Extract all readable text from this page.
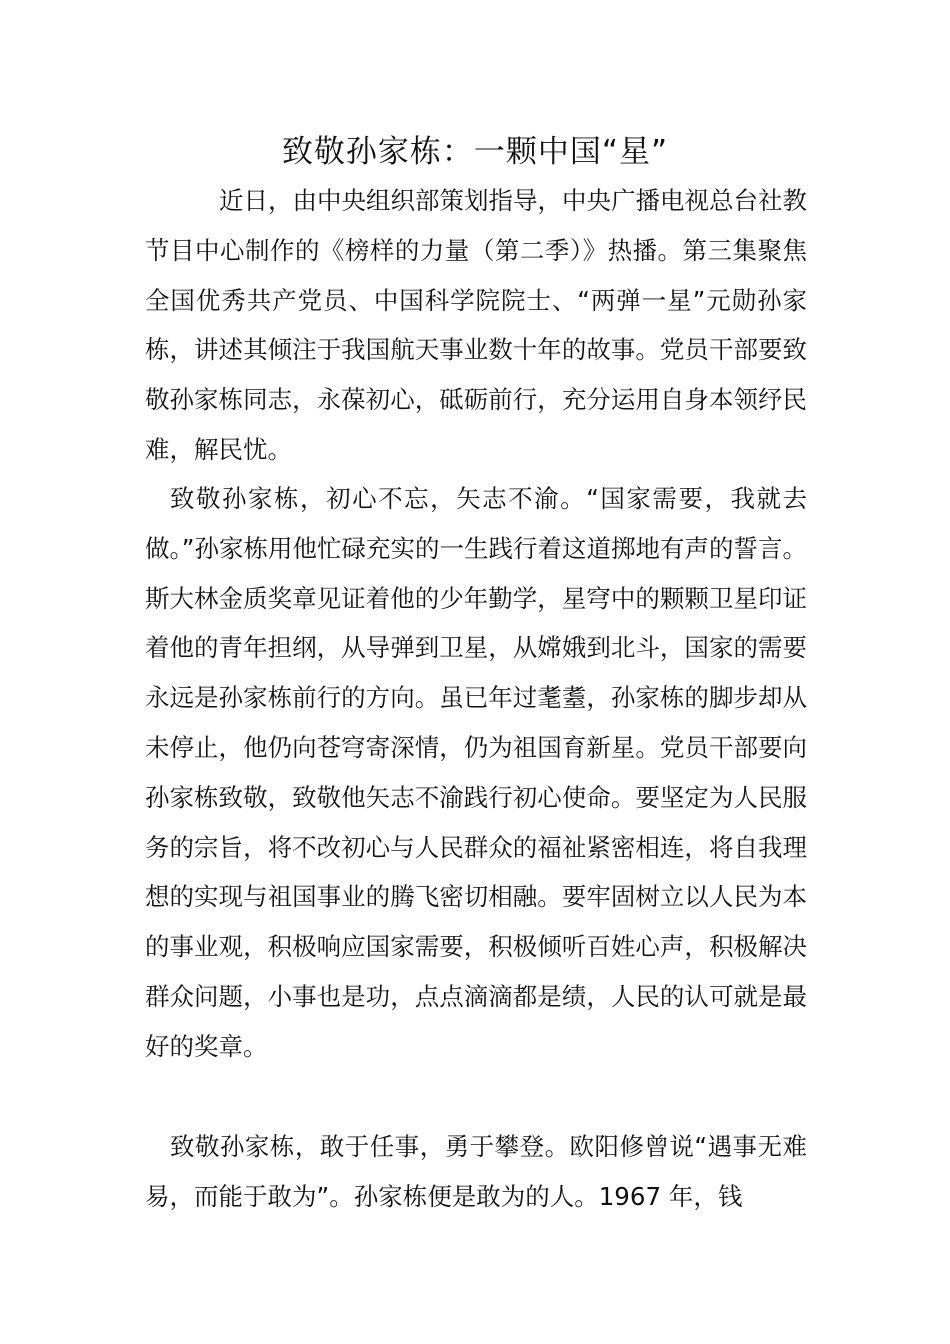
致敬孙家栋：一颗中国“星”

近日，由中央组织部策划指导，中央广播电视总台社教节目中心制作的《榜样的力量（第二季）》热播。第三集聚焦全国优秀共产党员、中国科学院院士、“两弹一星”元勋孙家栋，讲述其倾注于我国航天事业数十年的故事。党员干部要致敬孙家栋同志，永葆初心，砥砺前行，充分运用自身本领纾民难，解民忧。

致敬孙家栋，初心不忘，矢志不渝。“国家需要，我就去做。”孙家栋用他忙碌充实的一生践行着这道掷地有声的誓言。斯大林金质奖章见证着他的少年勤学，星穹中的颗颗卫星印证着他的青年担纲，从导弹到卫星，从嫦娥到北斗，国家的需要永远是孙家栋前行的方向。虽已年过耄耋，孙家栋的脚步却从未停止，他仍向苍穹寄深情，仍为祖国育新星。党员干部要向孙家栋致敬，致敬他矢志不渝践行初心使命。要坚定为人民服务的宗旨，将不改初心与人民群众的福祉紧密相连，将自我理想的实现与祖国事业的腾飞密切相融。要牢固树立以人民为本的事业观，积极响应国家需要，积极倾听百姓心声，积极解决群众问题，小事也是功，点点滴滴都是绩，人民的认可就是最好的奖章。

致敬孙家栋，敢于任事，勇于攀登。欧阳修曾说“遇事无难易，而能于敢为”。孙家栋便是敢为的人。1967 年，钱
